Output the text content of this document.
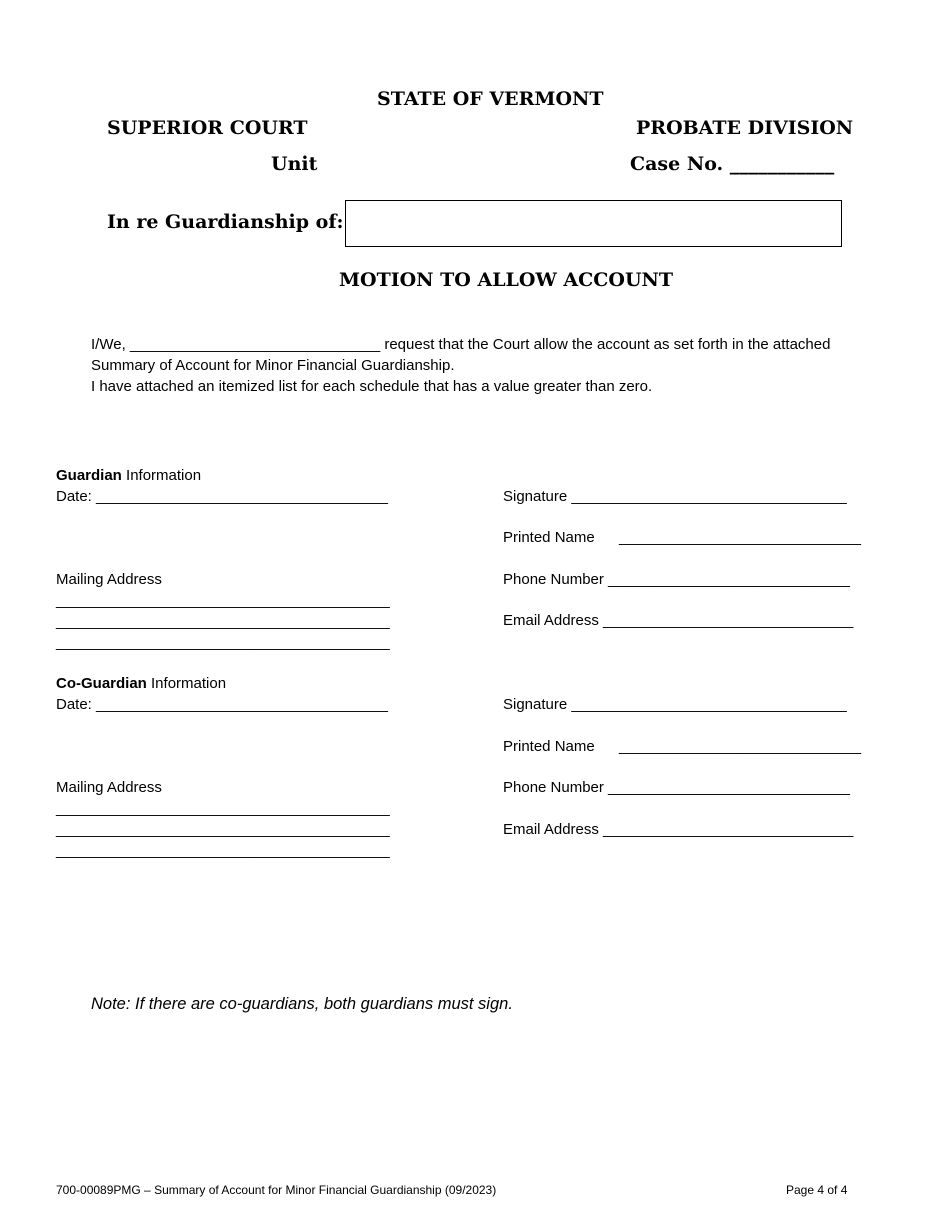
STATE OF VERMONT
SUPERIOR COURT	PROBATE DIVISION
Unit	Case No. ___________
In re Guardianship of:
MOTION TO ALLOW ACCOUNT
I/We, ______________________________ request that the Court allow the account as set forth in the attached
Summary of Account for Minor Financial Guardianship.
I have attached an itemized list for each schedule that has a value greater than zero.
Guardian Information
Date: ___________________________________
Mailing Address
________________________________________
________________________________________
________________________________________
Signature _________________________________
Printed Name _____________________________
Phone Number _____________________________
Email Address ______________________________
Co-Guardian Information
Date: ___________________________________
Mailing Address
________________________________________
________________________________________
________________________________________
Signature _________________________________
Printed Name _____________________________
Phone Number _____________________________
Email Address ______________________________
Note: If there are co-guardians, both guardians must sign.
700-00089PMG – Summary of Account for Minor Financial Guardianship (09/2023)	Page 4 of 4
